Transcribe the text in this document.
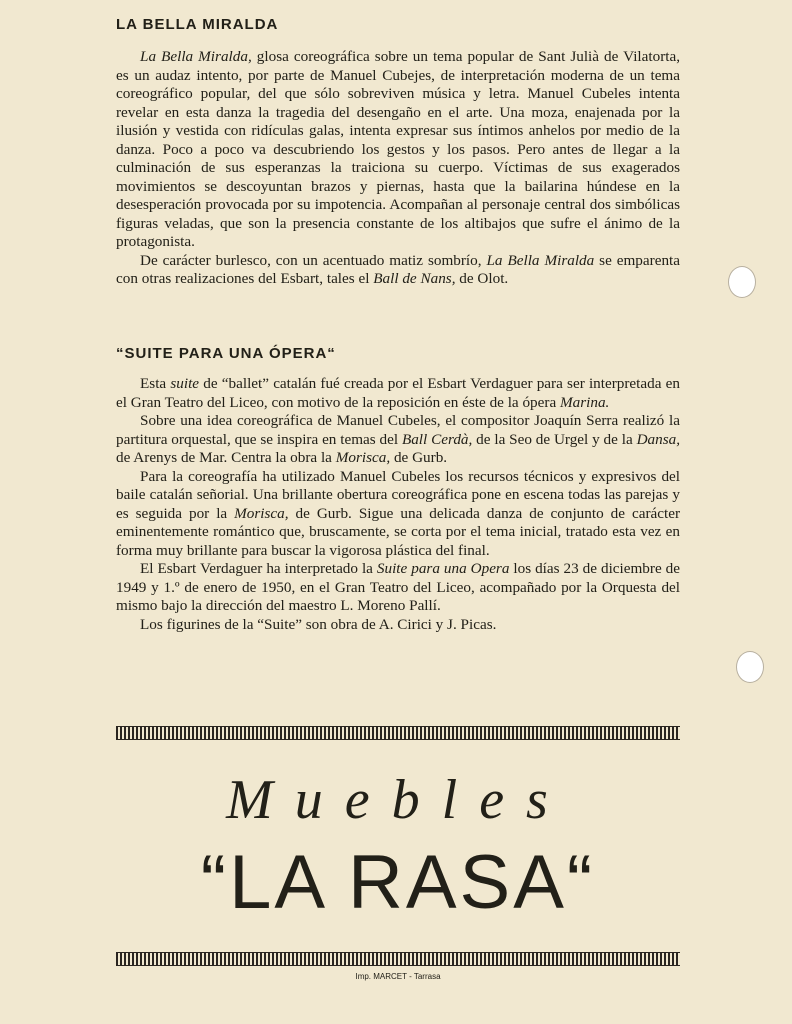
LA BELLA MIRALDA

La Bella Miralda, glosa coreográfica sobre un tema popular de Sant Julià de Vilatorta, es un audaz intento, por parte de Manuel Cubejes, de interpretación moderna de un tema coreográfico popular, del que sólo sobreviven música y letra. Manuel Cubeles intenta revelar en esta danza la tragedia del desengaño en el arte. Una moza, enajenada por la ilusión y vestida con ridículas galas, intenta expresar sus íntimos anhelos por medio de la danza. Poco a poco va descubriendo los gestos y los pasos. Pero antes de llegar a la culminación de sus esperanzas la traiciona su cuerpo. Víctimas de sus exagerados movimientos se descoyuntan brazos y piernas, hasta que la bailarina húndese en la desesperación provocada por su impotencia. Acompañan al personaje central dos simbólicas figuras veladas, que son la presencia constante de los altibajos que sufre el ánimo de la protagonista.

De carácter burlesco, con un acentuado matiz sombrío, La Bella Miralda se emparenta con otras realizaciones del Esbart, tales el Ball de Nans, de Olot.

“SUITE PARA UNA ÓPERA“

Esta suite de “ballet” catalán fué creada por el Esbart Verdaguer para ser interpretada en el Gran Teatro del Liceo, con motivo de la reposición en éste de la ópera Marina.

Sobre una idea coreográfica de Manuel Cubeles, el compositor Joaquín Serra realizó la partitura orquestal, que se inspira en temas del Ball Cerdà, de la Seo de Urgel y de la Dansa, de Arenys de Mar. Centra la obra la Morisca, de Gurb.

Para la coreografía ha utilizado Manuel Cubeles los recursos técnicos y expresivos del baile catalán señorial. Una brillante obertura coreográfica pone en escena todas las parejas y es seguida por la Morisca, de Gurb. Sigue una delicada danza de conjunto de carácter eminentemente romántico que, bruscamente, se corta por el tema inicial, tratado esta vez en forma muy brillante para buscar la vigorosa plástica del final.

El Esbart Verdaguer ha interpretado la Suite para una Opera los días 23 de diciembre de 1949 y 1.º de enero de 1950, en el Gran Teatro del Liceo, acompañado por la Orquesta del mismo bajo la dirección del maestro L. Moreno Pallí.

Los figurines de la “Suite” son obra de A. Cirici y J. Picas.

Muebles

“LA RASA“

Imp. MARCET - Tarrasa
